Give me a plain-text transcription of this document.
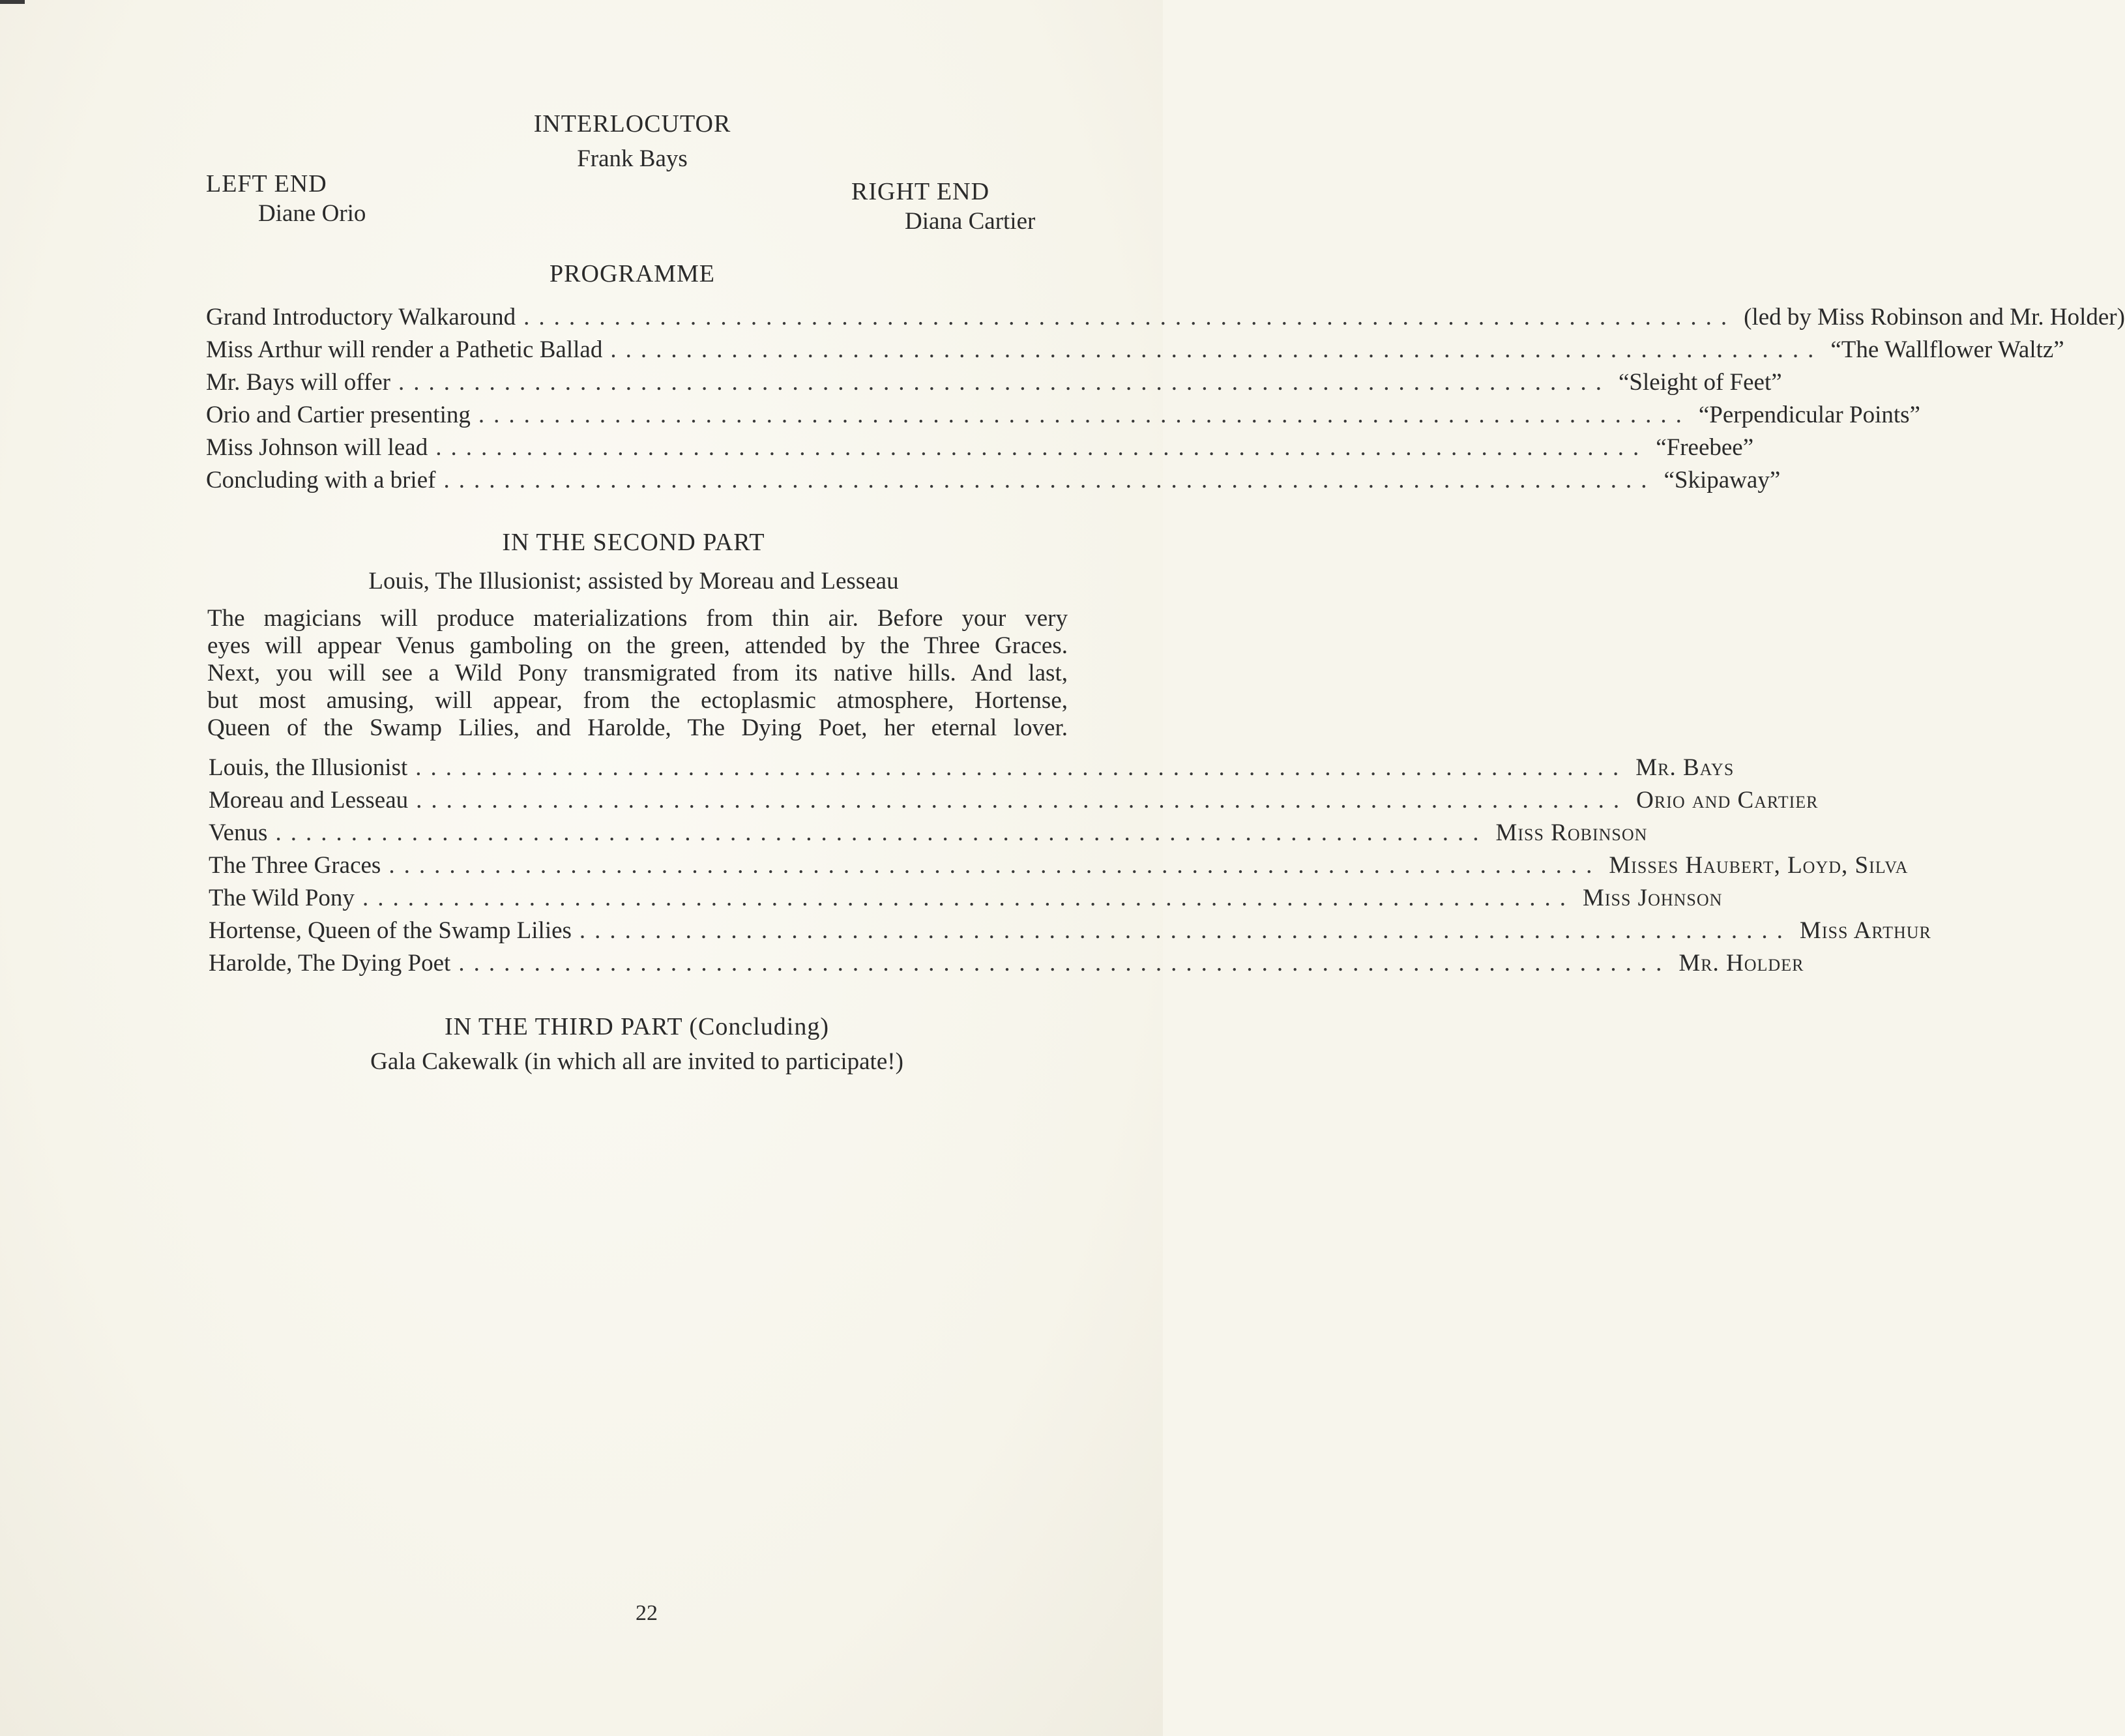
INTERLOCUTOR
Frank Bays
LEFT END
Diane Orio
RIGHT END
Diana Cartier
PROGRAMME
Grand Introductory Walkaround ................................................................................ (led by Miss Robinson and Mr. Holder)
Miss Arthur will render a Pathetic Ballad ................................................................................ “The Wallflower Waltz”
Mr. Bays will offer ................................................................................ “Sleight of Feet”
Orio and Cartier presenting ................................................................................ “Perpendicular Points”
Miss Johnson will lead ................................................................................ “Freebee”
Concluding with a brief ................................................................................ “Skipaway”
IN THE SECOND PART
Louis, The Illusionist; assisted by Moreau and Lesseau
The magicians will produce materializations from thin air. Before your very
eyes will appear Venus gamboling on the green, attended by the Three Graces.
Next, you will see a Wild Pony transmigrated from its native hills. And last,
but most amusing, will appear, from the ectoplasmic atmosphere, Hortense,
Queen of the Swamp Lilies, and Harolde, The Dying Poet, her eternal lover.
Louis, the Illusionist ................................................................................ Mr. Bays
Moreau and Lesseau ................................................................................ Orio and Cartier
Venus ................................................................................ Miss Robinson
The Three Graces ................................................................................ Misses Haubert, Loyd, Silva
The Wild Pony ................................................................................ Miss Johnson
Hortense, Queen of the Swamp Lilies ................................................................................ Miss Arthur
Harolde, The Dying Poet ................................................................................ Mr. Holder
IN THE THIRD PART (Concluding)
Gala Cakewalk (in which all are invited to participate!)
22
